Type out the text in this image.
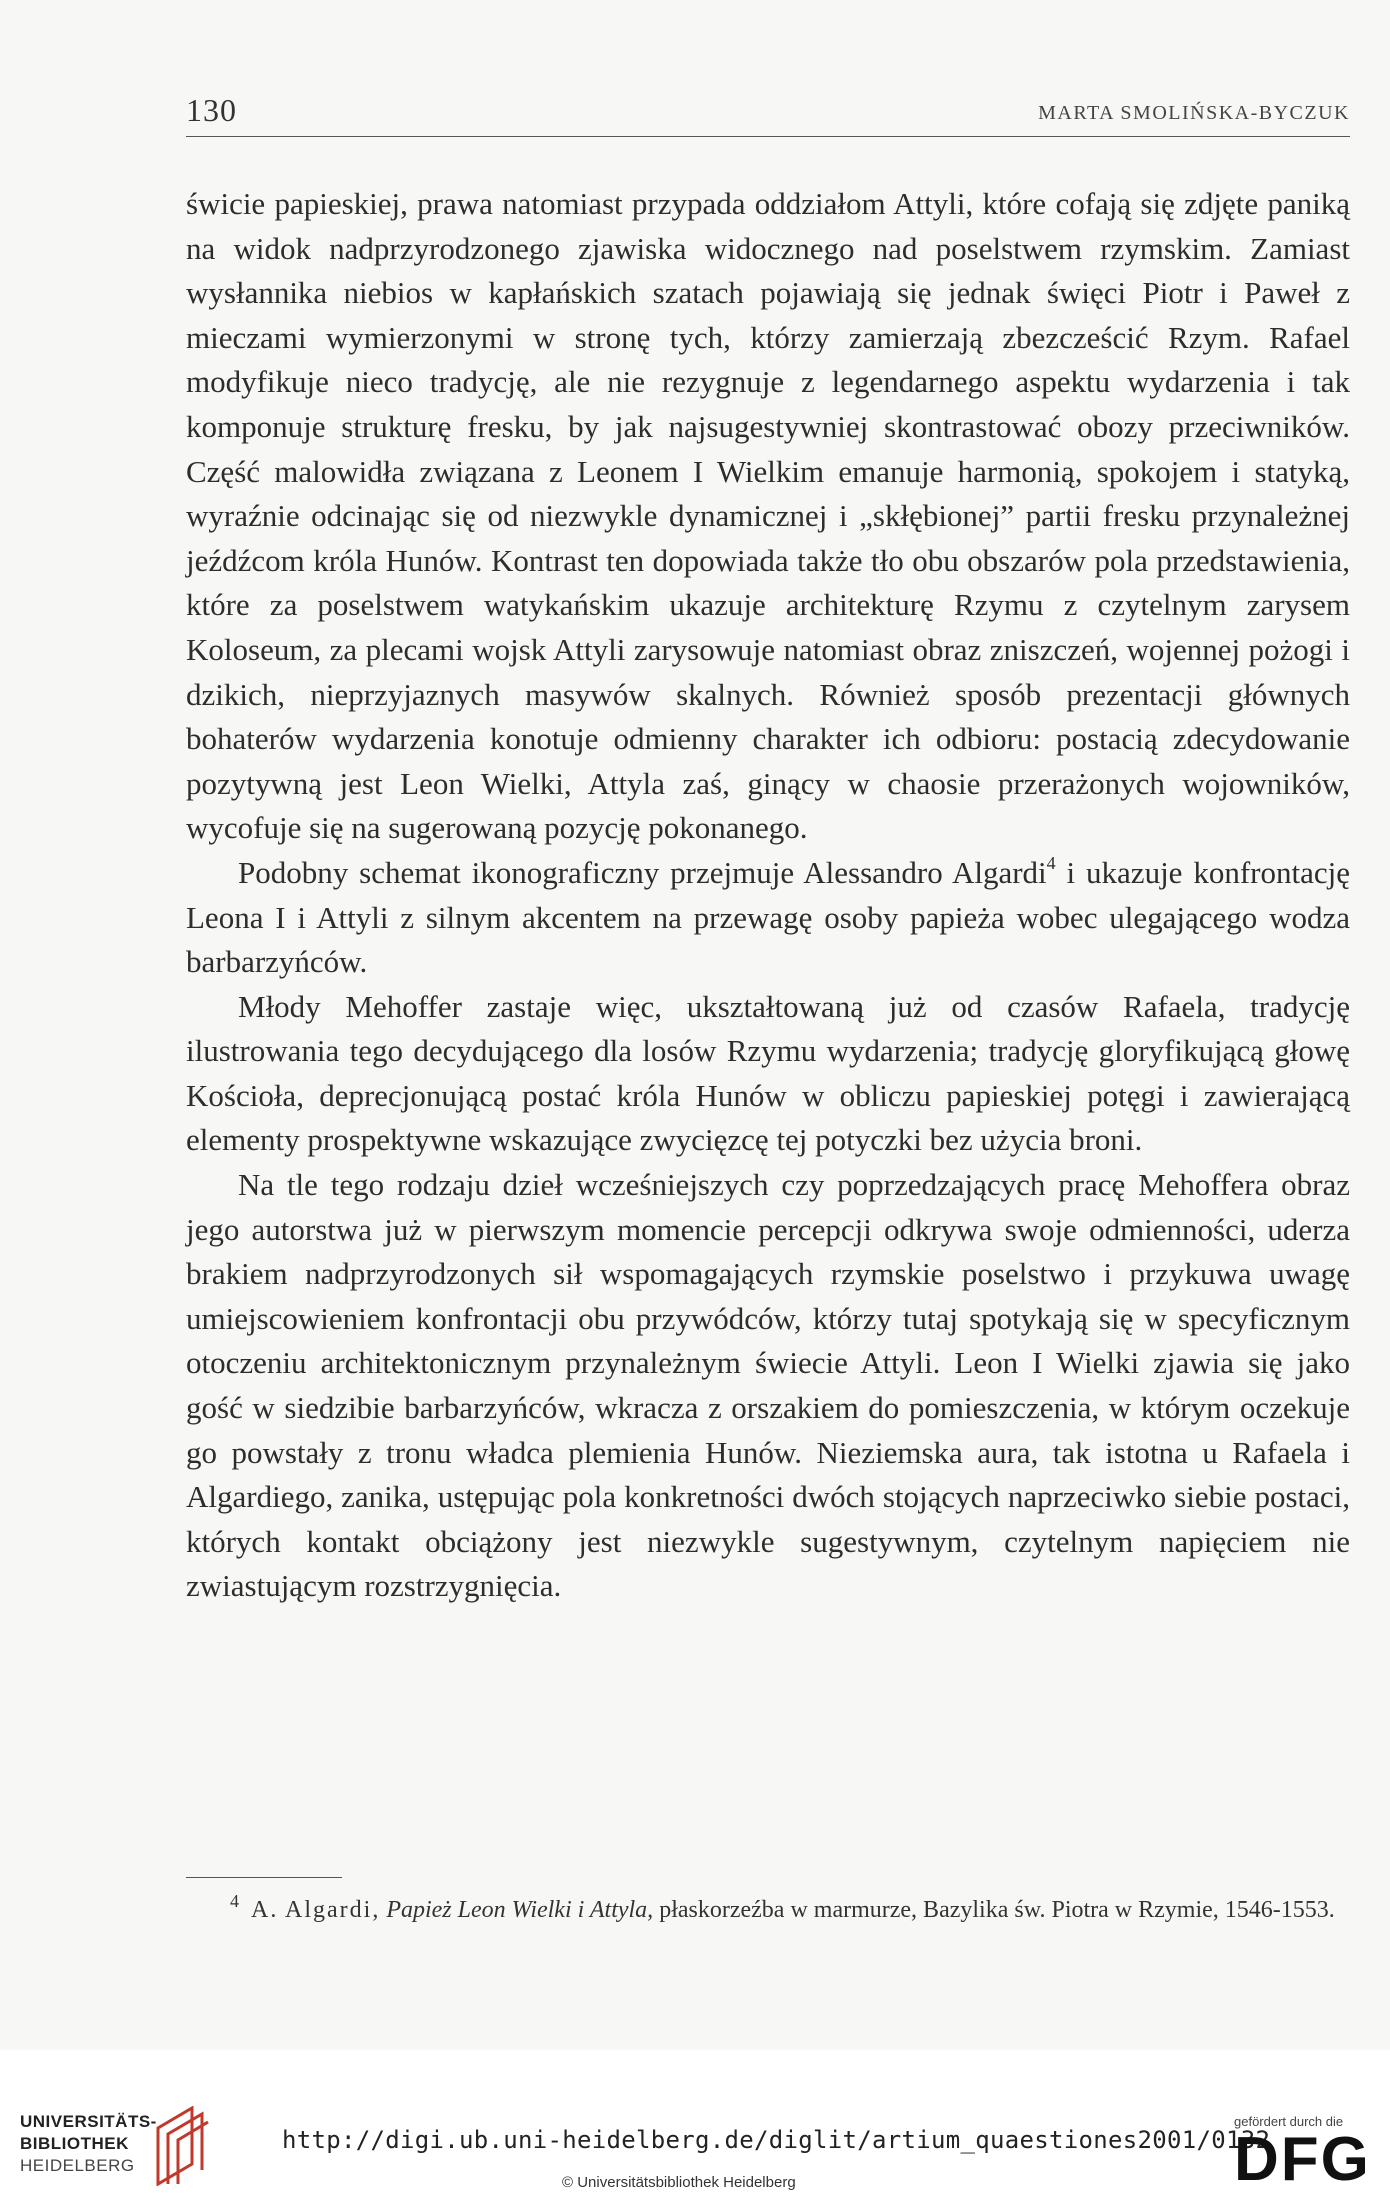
130	MARTA SMOLIŃSKA-BYCZUK

świcie papieskiej, prawa natomiast przypada oddziałom Attyli, które cofają się zdjęte paniką na widok nadprzyrodzonego zjawiska widocznego nad poselstwem rzymskim. Zamiast wysłannika niebios w kapłańskich szatach pojawiają się jednak święci Piotr i Paweł z mieczami wymierzonymi w stronę tych, którzy zamierzają zbezcześcić Rzym. Rafael modyfikuje nieco tradycję, ale nie rezygnuje z legendarnego aspektu wydarzenia i tak komponuje strukturę fresku, by jak najsugestywniej skontrastować obozy przeciwników. Część malowidła związana z Leonem I Wielkim emanuje harmonią, spokojem i statyką, wyraźnie odcinając się od niezwykle dynamicznej i „skłębionej” partii fresku przynależnej jeźdźcom króla Hunów. Kontrast ten dopowiada także tło obu obszarów pola przedstawienia, które za poselstwem watykańskim ukazuje architekturę Rzymu z czytelnym zarysem Koloseum, za plecami wojsk Attyli zarysowuje natomiast obraz zniszczeń, wojennej pożogi i dzikich, nieprzyjaznych masywów skalnych. Również sposób prezentacji głównych bohaterów wydarzenia konotuje odmienny charakter ich odbioru: postacią zdecydowanie pozytywną jest Leon Wielki, Attyla zaś, ginący w chaosie przerażonych wojowników, wycofuje się na sugerowaną pozycję pokonanego.

Podobny schemat ikonograficzny przejmuje Alessandro Algardi$^4$ i ukazuje konfrontację Leona I i Attyli z silnym akcentem na przewagę osoby papieża wobec ulegającego wodza barbarzyńców.

Młody Mehoffer zastaje więc, ukształtowaną już od czasów Rafaela, tradycję ilustrowania tego decydującego dla losów Rzymu wydarzenia; tradycję gloryfikującą głowę Kościoła, deprecjonującą postać króla Hunów w obliczu papieskiej potęgi i zawierającą elementy prospektywne wskazujące zwycięzcę tej potyczki bez użycia broni.

Na tle tego rodzaju dzieł wcześniejszych czy poprzedzających pracę Mehoffera obraz jego autorstwa już w pierwszym momencie percepcji odkrywa swoje odmienności, uderza brakiem nadprzyrodzonych sił wspomagających rzymskie poselstwo i przykuwa uwagę umiejscowieniem konfrontacji obu przywódców, którzy tutaj spotykają się w specyficznym otoczeniu architektonicznym przynależnym świecie Attyli. Leon I Wielki zjawia się jako gość w siedzibie barbarzyńców, wkracza z orszakiem do pomieszczenia, w którym oczekuje go powstały z tronu władca plemienia Hunów. Nieziemska aura, tak istotna u Rafaela i Algardiego, zanika, ustępując pola konkretności dwóch stojących naprzeciwko siebie postaci, których kontakt obciążony jest niezwykle sugestywnym, czytelnym napięciem nie zwiastującym rozstrzygnięcia.

4 A. Algardi, Papież Leon Wielki i Attyla, płaskorzeźba w marmurze, Bazylika św. Piotra w Rzymie, 1546-1553.
UNIVERSITÄTS-
BIBLIOTHEK
HEIDELBERG
http://digi.ub.uni-heidelberg.de/diglit/artium_quaestiones2001/0132
© Universitätsbibliothek Heidelberg
gefördert durch die
DFG
